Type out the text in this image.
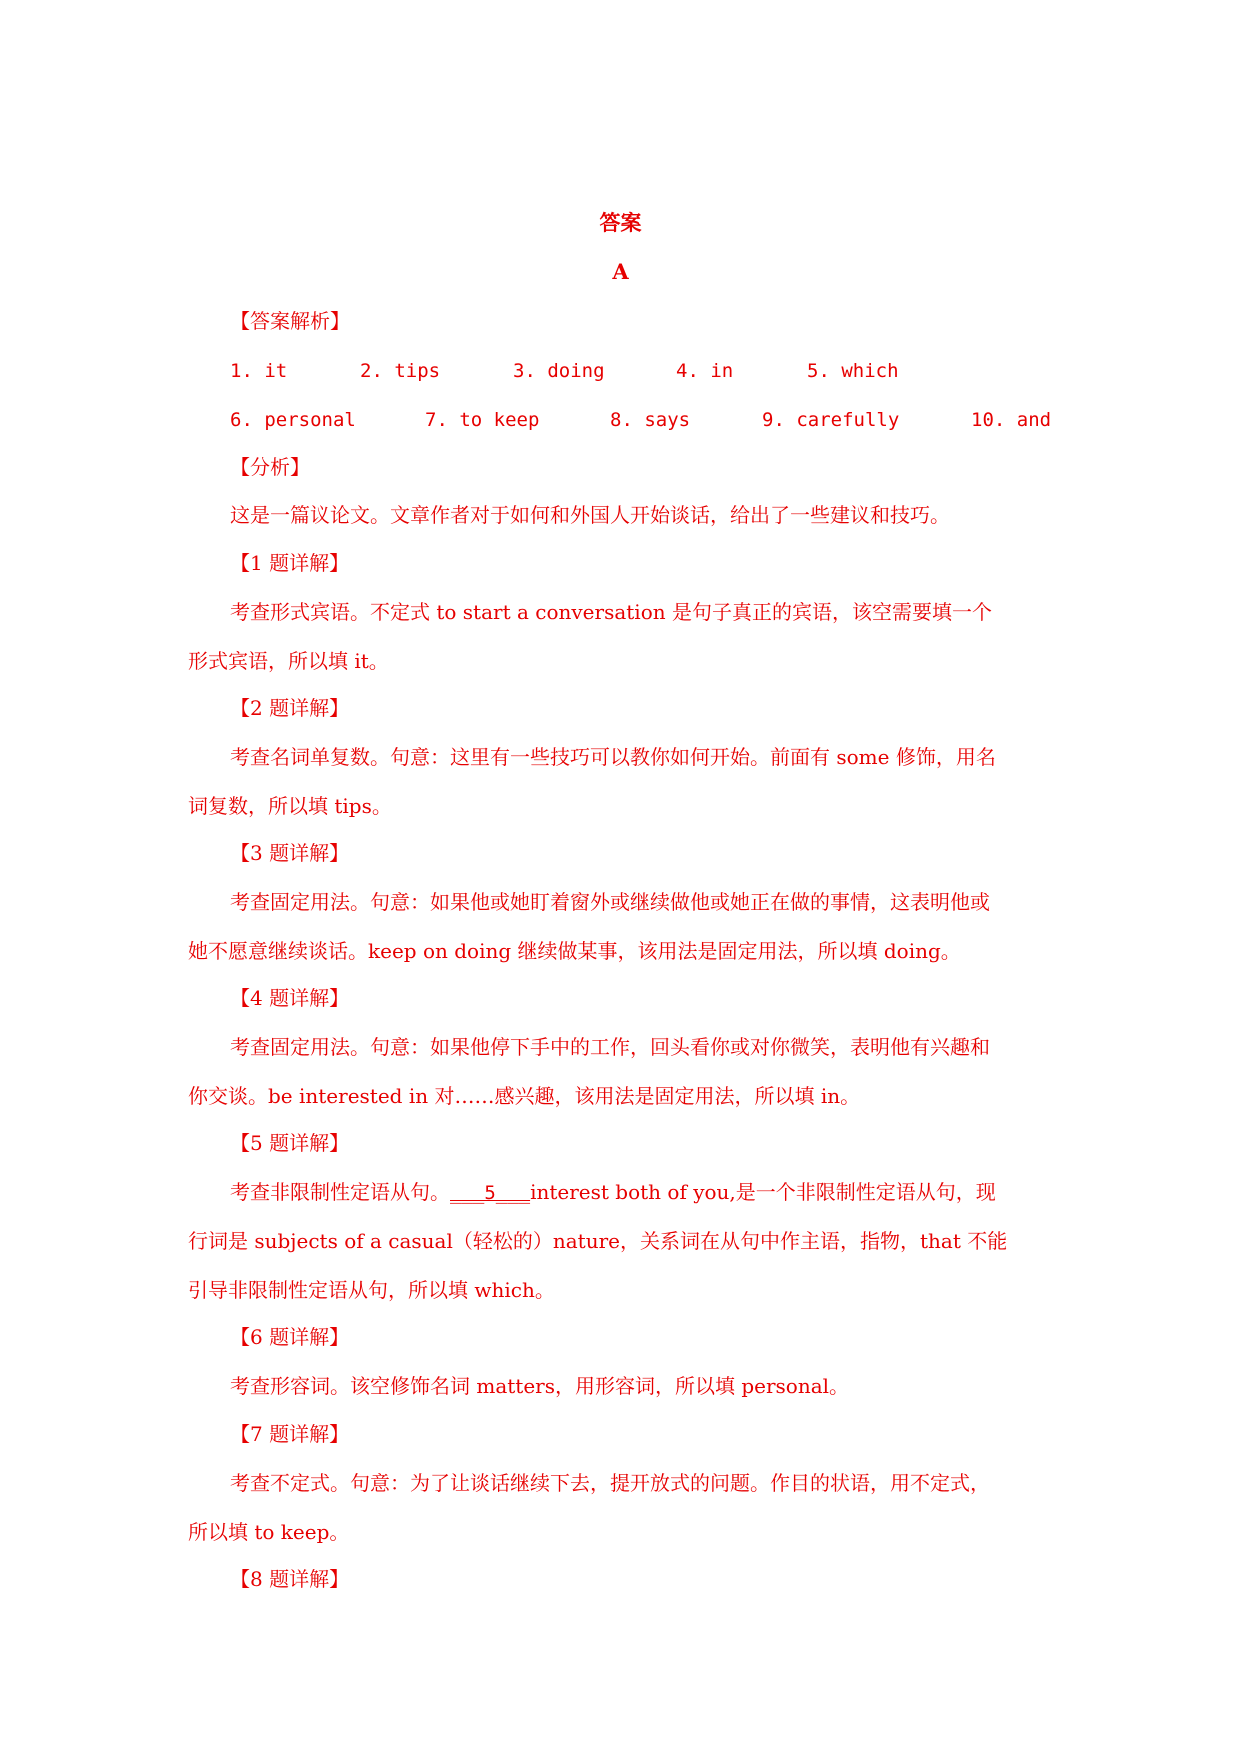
答案
A
【答案解析】
1. it	2. tips	3. doing	4. in	5. which
6. personal	7. to keep	8. says	9. carefully	10. and
【分析】
这是一篇议论文。文章作者对于如何和外国人开始谈话，给出了一些建议和技巧。
【1 题详解】
考查形式宾语。不定式 to start a conversation 是句子真正的宾语，该空需要填一个
形式宾语，所以填 it。
【2 题详解】
考查名词单复数。句意：这里有一些技巧可以教你如何开始。前面有 some 修饰，用名
词复数，所以填 tips。
【3 题详解】
考查固定用法。句意：如果他或她盯着窗外或继续做他或她正在做的事情，这表明他或
她不愿意继续谈话。keep on doing 继续做某事，该用法是固定用法，所以填 doing。
【4 题详解】
考查固定用法。句意：如果他停下手中的工作，回头看你或对你微笑，表明他有兴趣和
你交谈。be interested in 对……感兴趣，该用法是固定用法，所以填 in。
【5 题详解】
考查非限制性定语从句。___5___interest both of you,是一个非限制性定语从句，现
行词是 subjects of a casual（轻松的）nature，关系词在从句中作主语，指物，that 不能
引导非限制性定语从句，所以填 which。
【6 题详解】
考查形容词。该空修饰名词 matters，用形容词，所以填 personal。
【7 题详解】
考查不定式。句意：为了让谈话继续下去，提开放式的问题。作目的状语，用不定式，
所以填 to keep。
【8 题详解】
